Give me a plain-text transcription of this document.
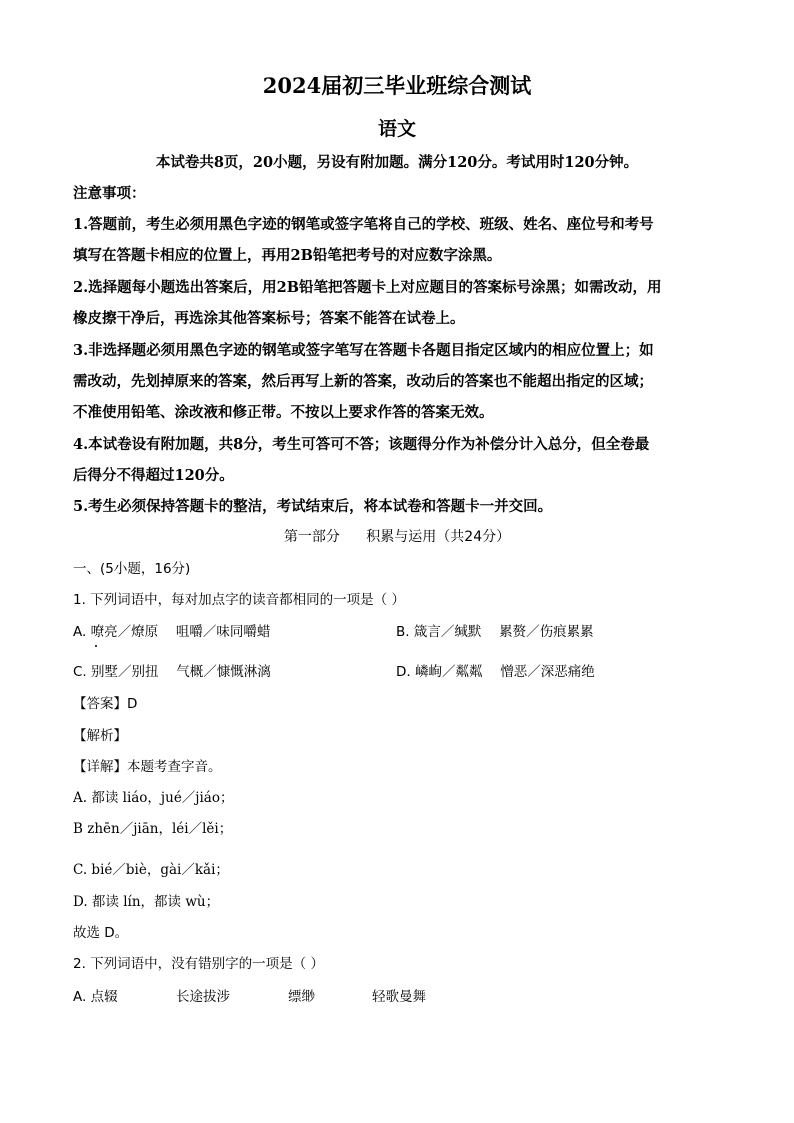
2024届初三毕业班综合测试
语文
本试卷共8页，20小题，另设有附加题。满分120分。考试用时120分钟。
注意事项：
1.答题前，考生必须用黑色字迹的钢笔或签字笔将自己的学校、班级、姓名、座位号和考号
填写在答题卡相应的位置上，再用2B铅笔把考号的对应数字涂黑。
2.选择题每小题选出答案后，用2B铅笔把答题卡上对应题目的答案标号涂黑；如需改动，用
橡皮擦干净后，再选涂其他答案标号；答案不能答在试卷上。
3.非选择题必须用黑色字迹的钢笔或签字笔写在答题卡各题目指定区域内的相应位置上；如
需改动，先划掉原来的答案，然后再写上新的答案，改动后的答案也不能超出指定的区域；
不准使用铅笔、涂改液和修正带。不按以上要求作答的答案无效。
4.本试卷设有附加题，共8分，考生可答可不答；该题得分作为补偿分计入总分，但全卷最
后得分不得超过120分。
5.考生必须保持答题卡的整洁，考试结束后，将本试卷和答题卡一并交回。
第一部分 积累与运用（共24分）
一、(5小题，16分)
1. 下列词语中，每对加点字的读音都相同的一项是（ ）
A. 嘹亮／燎原　 咀嚼／味同嚼蜡	B. 箴言／缄默　 累赘／伤痕累累
C. 别墅／别扭　 气概／慷慨淋漓	D. 嶙峋／粼粼　 憎恶／深恶痛绝
【答案】D
【解析】
【详解】本题考查字音。
A. 都读 liáo，jué／jiáo；
B zhēn／jiān，léi／lěi；
C. bié／biè，gài／kǎi；
D. 都读 lín，都读 wù；
故选 D。
2. 下列词语中，没有错别字的一项是（ ）
A. 点辍	长途拔涉	缥缈	轻歌曼舞
